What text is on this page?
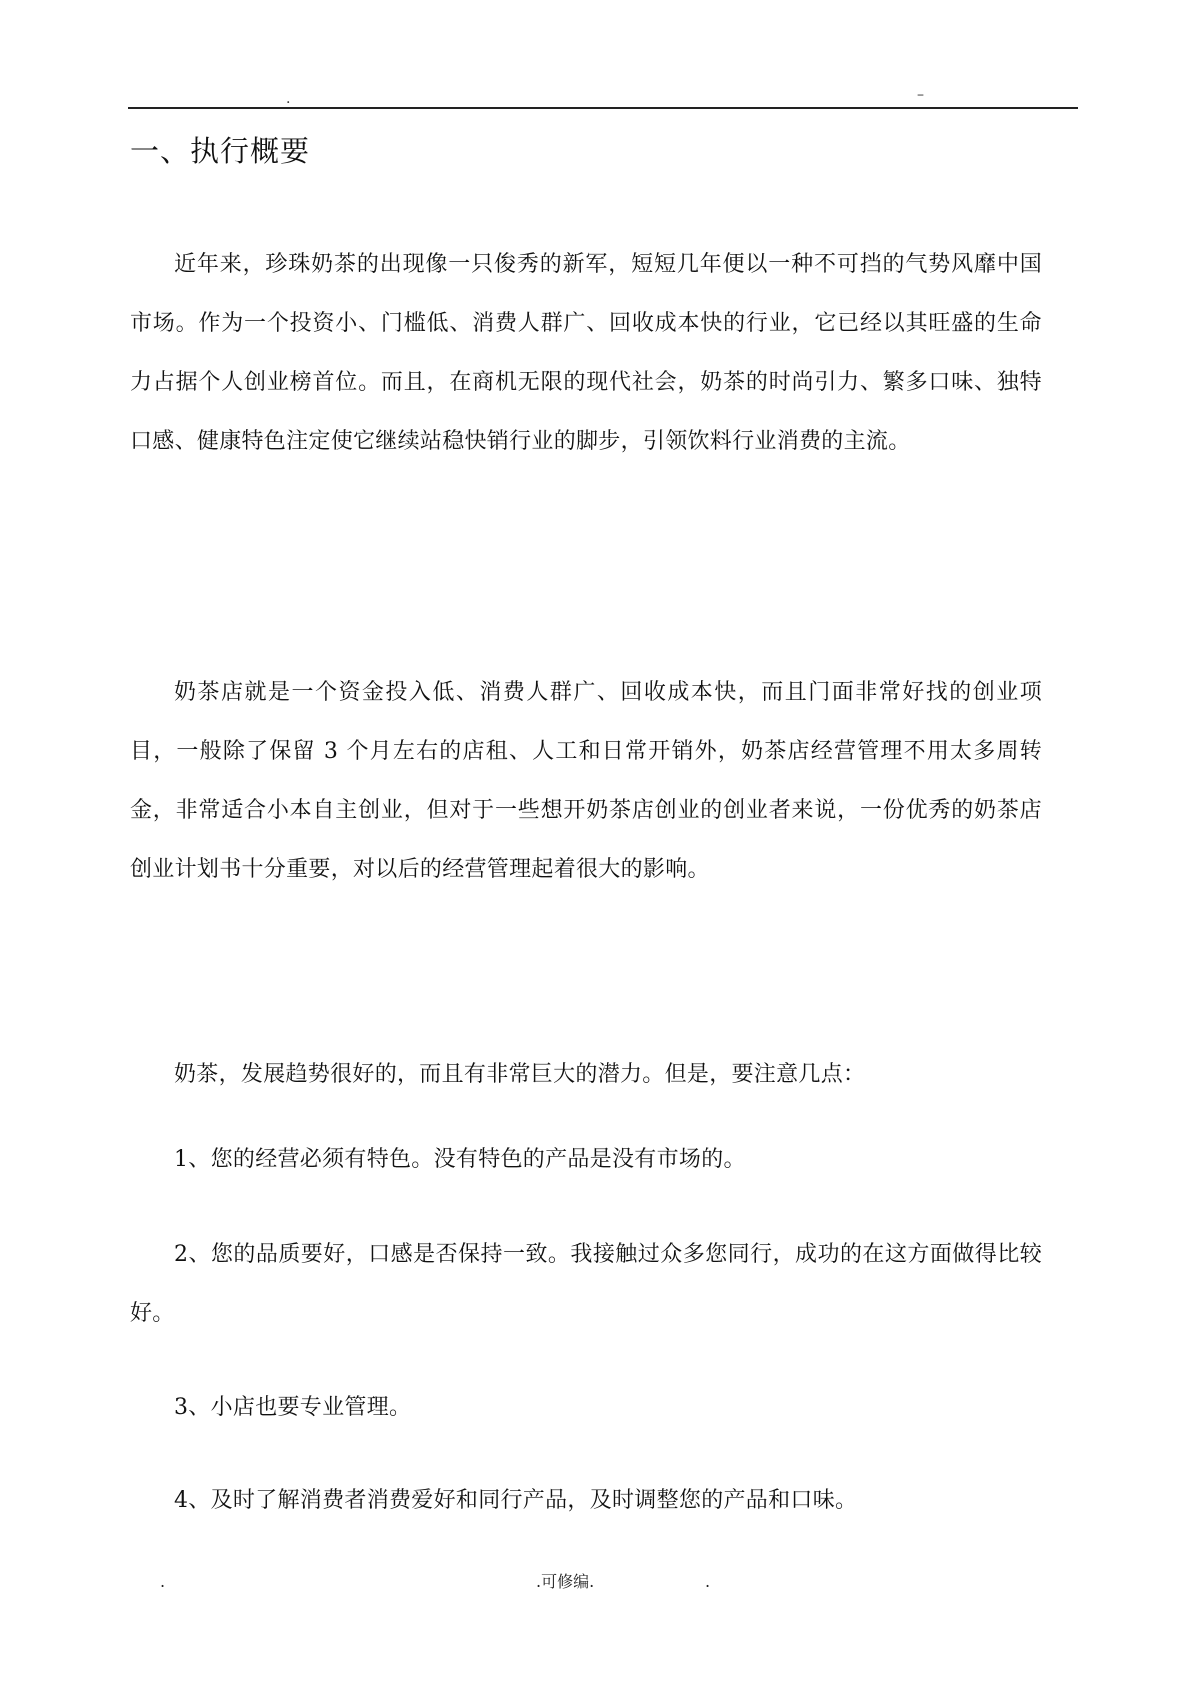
.	–
一、执行概要

近年来，珍珠奶茶的出现像一只俊秀的新军，短短几年便以一种不可挡的气势风靡中国市场。作为一个投资小、门槛低、消费人群广、回收成本快的行业，它已经以其旺盛的生命力占据个人创业榜首位。而且，在商机无限的现代社会，奶茶的时尚引力、繁多口味、独特口感、健康特色注定使它继续站稳快销行业的脚步，引领饮料行业消费的主流。

奶茶店就是一个资金投入低、消费人群广、回收成本快，而且门面非常好找的创业项目，一般除了保留 3 个月左右的店租、人工和日常开销外，奶茶店经营管理不用太多周转金，非常适合小本自主创业，但对于一些想开奶茶店创业的创业者来说，一份优秀的奶茶店创业计划书十分重要，对以后的经营管理起着很大的影响。

奶茶，发展趋势很好的，而且有非常巨大的潜力。但是，要注意几点：

1、您的经营必须有特色。没有特色的产品是没有市场的。

2、您的品质要好，口感是否保持一致。我接触过众多您同行，成功的在这方面做得比较好。

3、小店也要专业管理。

4、及时了解消费者消费爱好和同行产品，及时调整您的产品和口味。

.	.可修编.	.
